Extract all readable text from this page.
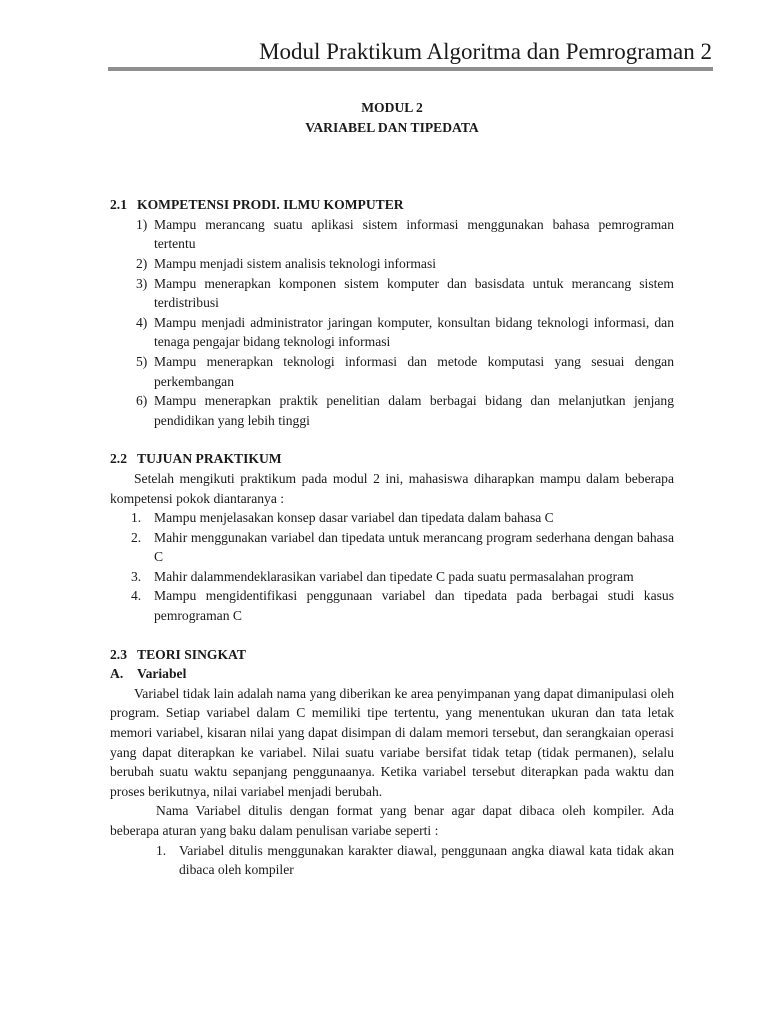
Modul Praktikum Algoritma dan Pemrograman 2

MODUL 2

VARIABEL DAN TIPEDATA

2.1 KOMPETENSI PRODI. ILMU KOMPUTER
1) Mampu merancang suatu aplikasi sistem informasi menggunakan bahasa pemrograman tertentu
2) Mampu menjadi sistem analisis teknologi informasi
3) Mampu menerapkan komponen sistem komputer dan basisdata untuk merancang sistem terdistribusi
4) Mampu menjadi administrator jaringan komputer, konsultan bidang teknologi informasi, dan tenaga pengajar bidang teknologi informasi
5) Mampu menerapkan teknologi informasi dan metode komputasi yang sesuai dengan perkembangan
6) Mampu menerapkan praktik penelitian dalam berbagai bidang dan melanjutkan jenjang pendidikan yang lebih tinggi
2.2 TUJUAN PRAKTIKUM

Setelah mengikuti praktikum pada modul 2 ini, mahasiswa diharapkan mampu dalam beberapa kompetensi pokok diantaranya :

1. Mampu menjelasakan konsep dasar variabel dan tipedata dalam bahasa C
2. Mahir menggunakan variabel dan tipedata untuk merancang program sederhana dengan bahasa C
3. Mahir dalammendeklarasikan variabel dan tipedate C pada suatu permasalahan program
4. Mampu mengidentifikasi penggunaan variabel dan tipedata pada berbagai studi kasus pemrograman C
2.3 TEORI SINGKAT
A. Variabel

Variabel tidak lain adalah nama yang diberikan ke area penyimpanan yang dapat dimanipulasi oleh program. Setiap variabel dalam C memiliki tipe tertentu, yang menentukan ukuran dan tata letak memori variabel, kisaran nilai yang dapat disimpan di dalam memori tersebut, dan serangkaian operasi yang dapat diterapkan ke variabel. Nilai suatu variabe bersifat tidak tetap (tidak permanen), selalu berubah suatu waktu sepanjang penggunaanya. Ketika variabel tersebut diterapkan pada waktu dan proses berikutnya, nilai variabel menjadi berubah.

Nama Variabel ditulis dengan format yang benar agar dapat dibaca oleh kompiler. Ada beberapa aturan yang baku dalam penulisan variabe seperti :

1. Variabel ditulis menggunakan karakter diawal, penggunaan angka diawal kata tidak akan dibaca oleh kompiler
